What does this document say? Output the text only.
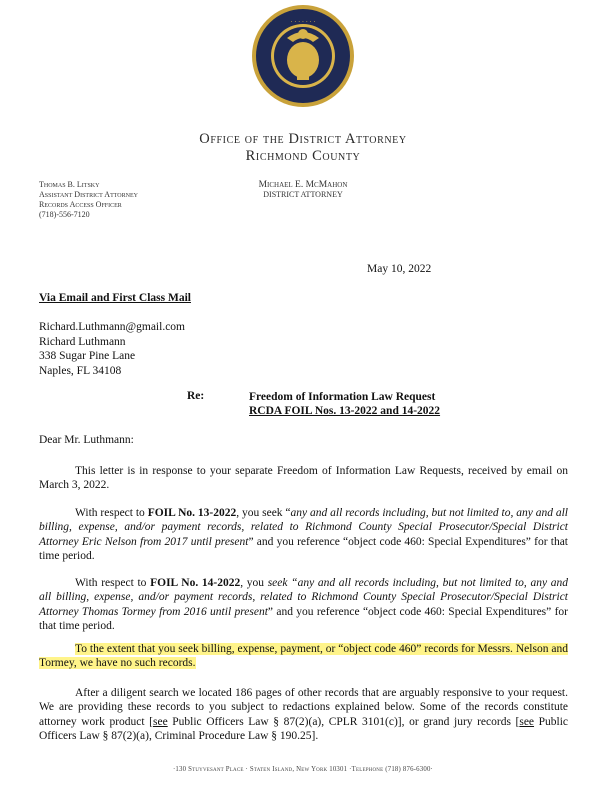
· · · · · · ·
Office of the District Attorney
Richmond County
Thomas B. Litsky
Assistant District Attorney
Records Access Officer
(718)-556-7120
Michael E. McMahon
DISTRICT ATTORNEY
May 10, 2022
Via Email and First Class Mail
Richard.Luthmann@gmail.com
Richard Luthmann
338 Sugar Pine Lane
Naples, FL 34108
Re:	Freedom of Information Law Request
RCDA FOIL Nos. 13-2022 and 14-2022
Dear Mr. Luthmann:
This letter is in response to your separate Freedom of Information Law Requests, received by email on March 3, 2022.
With respect to FOIL No. 13-2022, you seek “any and all records including, but not limited to, any and all billing, expense, and/or payment records, related to Richmond County Special Prosecutor/Special District Attorney Eric Nelson from 2017 until present” and you reference “object code 460: Special Expenditures” for that time period.
With respect to FOIL No. 14-2022, you seek “any and all records including, but not limited to, any and all billing, expense, and/or payment records, related to Richmond County Special Prosecutor/Special District Attorney Thomas Tormey from 2016 until present” and you reference “object code 460: Special Expenditures” for that time period.
To the extent that you seek billing, expense, payment, or “object code 460” records for Messrs. Nelson and Tormey, we have no such records.
After a diligent search we located 186 pages of other records that are arguably responsive to your request. We are providing these records to you subject to redactions explained below. Some of the records constitute attorney work product [see Public Officers Law § 87(2)(a), CPLR 3101(c)], or grand jury records [see Public Officers Law § 87(2)(a), Criminal Procedure Law § 190.25].
·130 Stuyvesant Place · Staten Island, New York 10301 ·Telephone (718) 876-6300·
